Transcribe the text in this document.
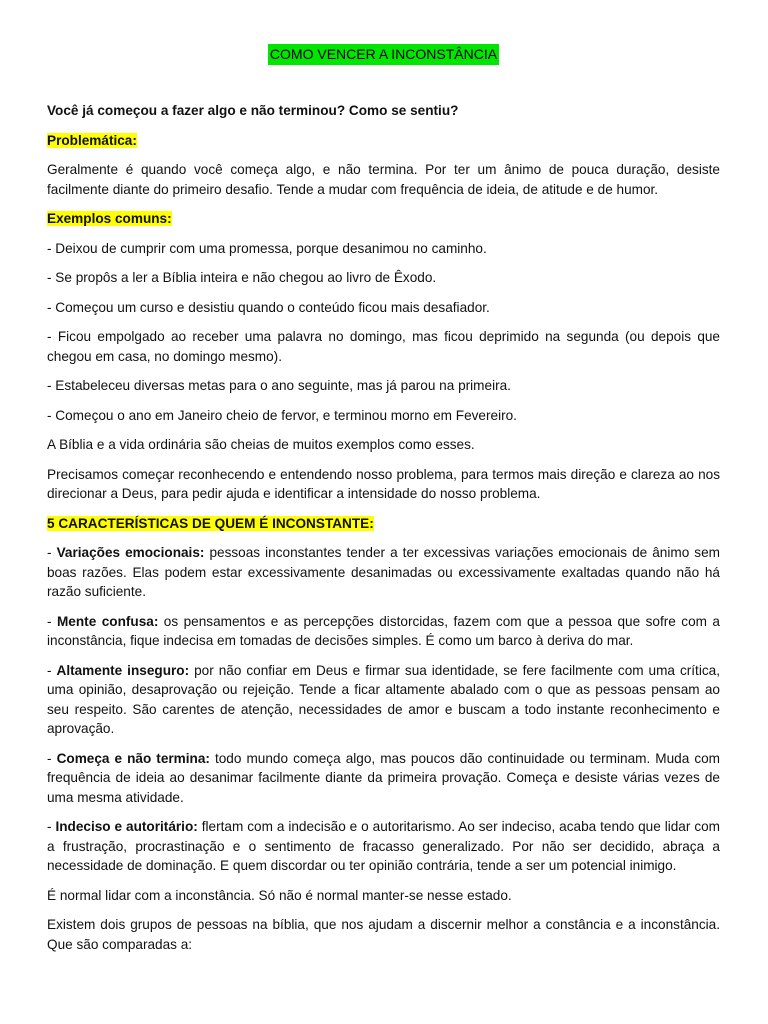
COMO VENCER A INCONSTÂNCIA

Você já começou a fazer algo e não terminou? Como se sentiu?

Problemática:

Geralmente é quando você começa algo, e não termina. Por ter um ânimo de pouca duração, desiste facilmente diante do primeiro desafio. Tende a mudar com frequência de ideia, de atitude e de humor.

Exemplos comuns:

- Deixou de cumprir com uma promessa, porque desanimou no caminho.

- Se propôs a ler a Bíblia inteira e não chegou ao livro de Êxodo.

- Começou um curso e desistiu quando o conteúdo ficou mais desafiador.

- Ficou empolgado ao receber uma palavra no domingo, mas ficou deprimido na segunda (ou depois que chegou em casa, no domingo mesmo).

- Estabeleceu diversas metas para o ano seguinte, mas já parou na primeira.

- Começou o ano em Janeiro cheio de fervor, e terminou morno em Fevereiro.

A Bíblia e a vida ordinária são cheias de muitos exemplos como esses.

Precisamos começar reconhecendo e entendendo nosso problema, para termos mais direção e clareza ao nos direcionar a Deus, para pedir ajuda e identificar a intensidade do nosso problema.

5 CARACTERÍSTICAS DE QUEM É INCONSTANTE:

- Variações emocionais: pessoas inconstantes tender a ter excessivas variações emocionais de ânimo sem boas razões. Elas podem estar excessivamente desanimadas ou excessivamente exaltadas quando não há razão suficiente.

- Mente confusa: os pensamentos e as percepções distorcidas, fazem com que a pessoa que sofre com a inconstância, fique indecisa em tomadas de decisões simples. É como um barco à deriva do mar.

- Altamente inseguro: por não confiar em Deus e firmar sua identidade, se fere facilmente com uma crítica, uma opinião, desaprovação ou rejeição. Tende a ficar altamente abalado com o que as pessoas pensam ao seu respeito. São carentes de atenção, necessidades de amor e buscam a todo instante reconhecimento e aprovação.

- Começa e não termina: todo mundo começa algo, mas poucos dão continuidade ou terminam. Muda com frequência de ideia ao desanimar facilmente diante da primeira provação. Começa e desiste várias vezes de uma mesma atividade.

- Indeciso e autoritário: flertam com a indecisão e o autoritarismo. Ao ser indeciso, acaba tendo que lidar com a frustração, procrastinação e o sentimento de fracasso generalizado. Por não ser decidido, abraça a necessidade de dominação. E quem discordar ou ter opinião contrária, tende a ser um potencial inimigo.

É normal lidar com a inconstância. Só não é normal manter-se nesse estado.

Existem dois grupos de pessoas na bíblia, que nos ajudam a discernir melhor a constância e a inconstância. Que são comparadas a:
